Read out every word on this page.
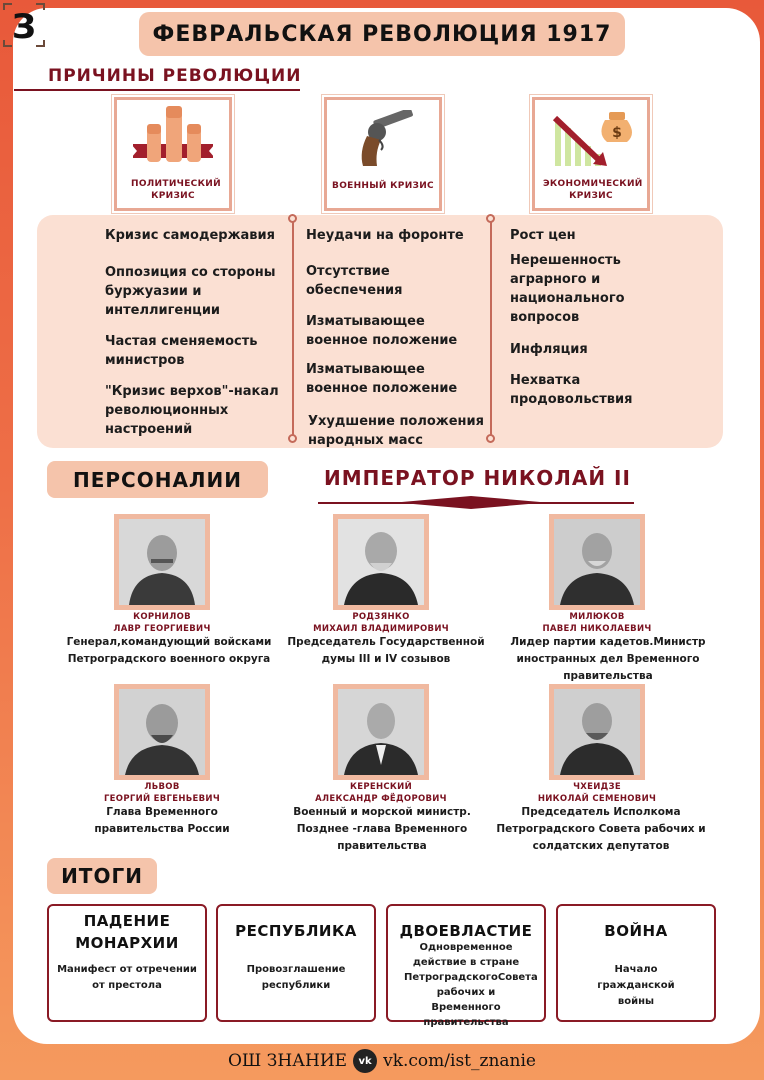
З	ФЕВРАЛЬСКАЯ РЕВОЛЮЦИЯ 1917
ПРИЧИНЫ РЕВОЛЮЦИИ
ПОЛИТИЧЕСКИЙ КРИЗИС
ВОЕННЫЙ КРИЗИС
$
ЭКОНОМИЧЕСКИЙ КРИЗИС

Кризис самодержавия

Оппозиция со стороны буржуазии и интеллигенции

Частая сменяемость министров

"Кризис верхов"-накал революционных настроений

Неудачи на форонте

Отсутствие обеспечения

Изматывающее военное положение

Изматывающее военное положение

Ухудшение положения народных масс

Рост цен

Нерешенность аграрного и национального вопросов

Инфляция

Нехватка продовольствия

ПЕРСОНАЛИИ	ИМПЕРАТОР НИКОЛАЙ II
КОРНИЛОВ
ЛАВР ГЕОРГИЕВИЧ
Генерал,командующий войсками Петроградского военного округа
РОДЗЯНКО
МИХАИЛ ВЛАДИМИРОВИЧ
Председатель Государственной думы III и IV созывов
МИЛЮКОВ
ПАВЕЛ НИКОЛАЕВИЧ
Лидер партии кадетов.Министр иностранных дел Временного правительства
ЛЬВОВ
ГЕОРГИЙ ЕВГЕНЬЕВИЧ
Глава Временного правительства России
КЕРЕНСКИЙ
АЛЕКСАНДР ФЁДОРОВИЧ
Военный и морской министр. Позднее -глава Временного правительства
ЧХЕИДЗЕ
НИКОЛАЙ СЕМЕНОВИЧ
Председатель Исполкома Петроградского Совета рабочих и солдатских депутатов
ИТОГИ
ПАДЕНИЕ МОНАРХИИ
Манифест от отречении от престола
РЕСПУБЛИКА
Провозглашение республики
ДВОЕВЛАСТИЕ
Одновременное действие в стране ПетроградскогоСовета рабочих и Временного правительства
ВОЙНА
Начало гражданской войны
ОШ ЗНАНИЕ	vk vk.com/ist_znanie
